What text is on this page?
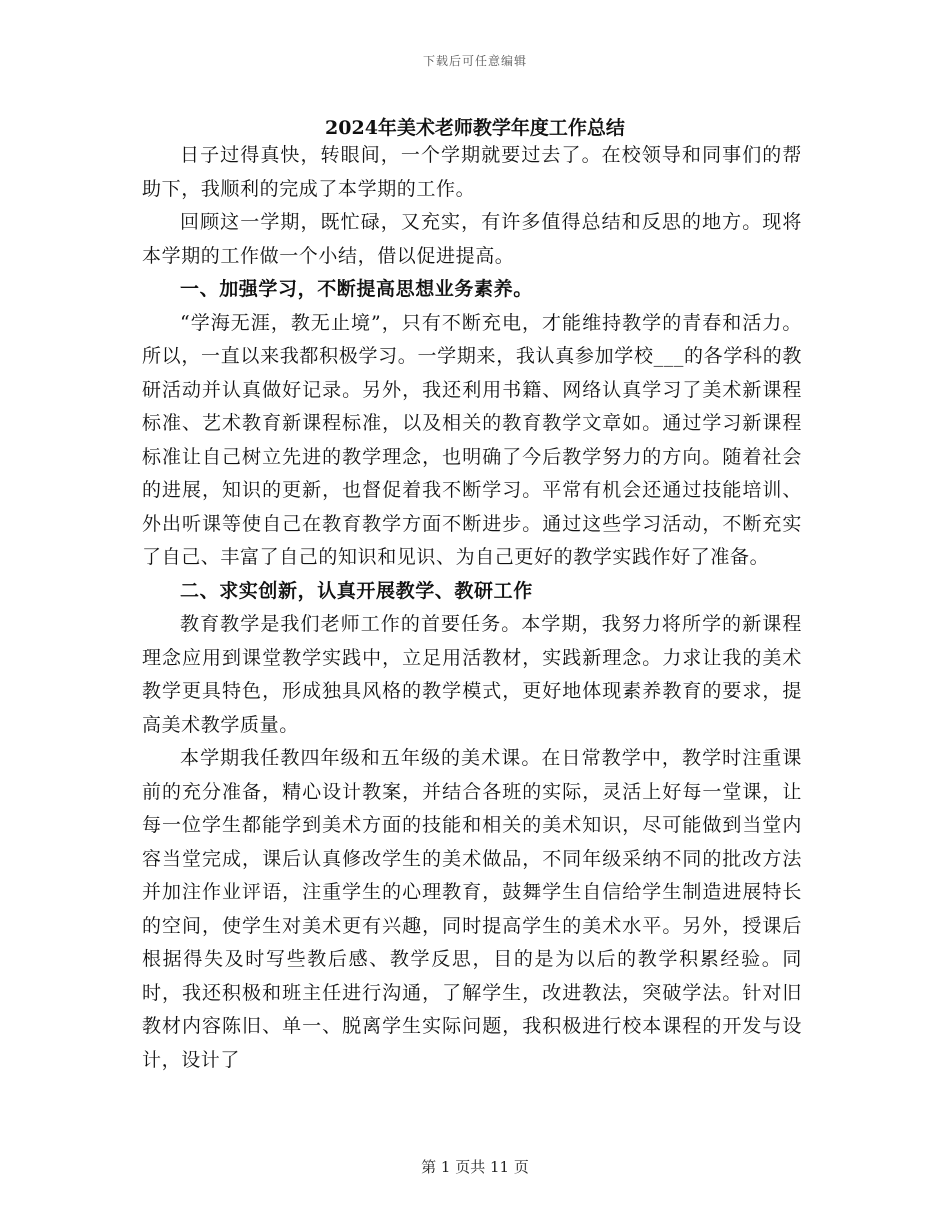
下载后可任意编辑
2024年美术老师教学年度工作总结

日子过得真快，转眼间，一个学期就要过去了。在校领导和同事们的帮助下，我顺利的完成了本学期的工作。

回顾这一学期，既忙碌，又充实，有许多值得总结和反思的地方。现将本学期的工作做一个小结，借以促进提高。

一、加强学习，不断提高思想业务素养。

“学海无涯，教无止境”，只有不断充电，才能维持教学的青春和活力。所以，一直以来我都积极学习。一学期来，我认真参加学校___的各学科的教研活动并认真做好记录。另外，我还利用书籍、网络认真学习了美术新课程标准、艺术教育新课程标准，以及相关的教育教学文章如。通过学习新课程标准让自己树立先进的教学理念，也明确了今后教学努力的方向。随着社会的进展，知识的更新，也督促着我不断学习。平常有机会还通过技能培训、外出听课等使自己在教育教学方面不断进步。通过这些学习活动，不断充实了自己、丰富了自己的知识和见识、为自己更好的教学实践作好了准备。

二、求实创新，认真开展教学、教研工作

教育教学是我们老师工作的首要任务。本学期，我努力将所学的新课程理念应用到课堂教学实践中，立足用活教材，实践新理念。力求让我的美术教学更具特色，形成独具风格的教学模式，更好地体现素养教育的要求，提高美术教学质量。

本学期我任教四年级和五年级的美术课。在日常教学中，教学时注重课前的充分准备，精心设计教案，并结合各班的实际，灵活上好每一堂课，让每一位学生都能学到美术方面的技能和相关的美术知识，尽可能做到当堂内容当堂完成，课后认真修改学生的美术做品，不同年级采纳不同的批改方法并加注作业评语，注重学生的心理教育，鼓舞学生自信给学生制造进展特长的空间，使学生对美术更有兴趣，同时提高学生的美术水平。另外，授课后根据得失及时写些教后感、教学反思，目的是为以后的教学积累经验。同时，我还积极和班主任进行沟通，了解学生，改进教法，突破学法。针对旧教材内容陈旧、单一、脱离学生实际问题，我积极进行校本课程的开发与设计，设计了

第 1 页共 11 页
